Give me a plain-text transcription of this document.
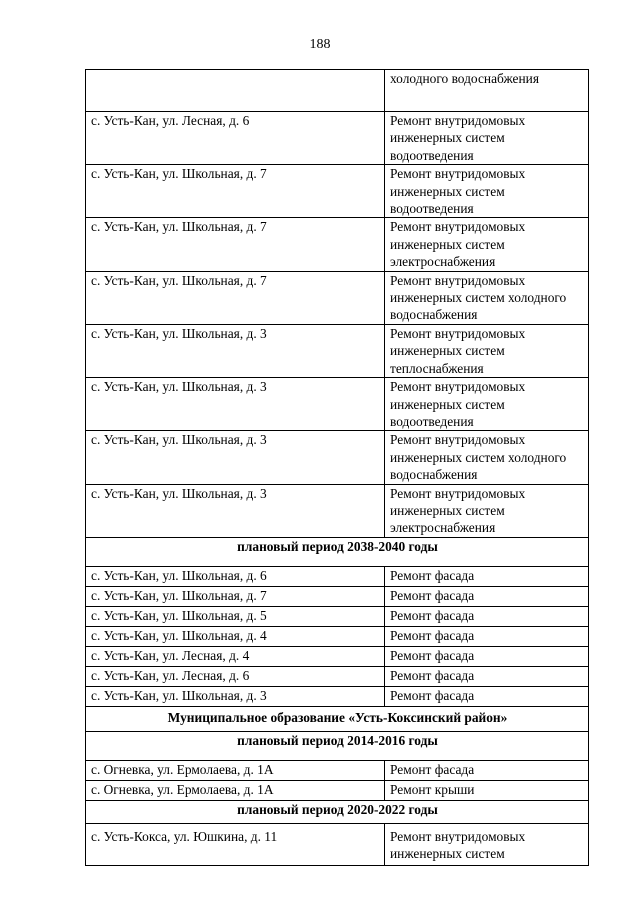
188
	холодного водоснабжения
с. Усть-Кан, ул. Лесная, д. 6	Ремонт внутридомовых инженерных систем водоотведения
с. Усть-Кан, ул. Школьная, д. 7	Ремонт внутридомовых инженерных систем водоотведения
с. Усть-Кан, ул. Школьная, д. 7	Ремонт внутридомовых инженерных систем электроснабжения
с. Усть-Кан, ул. Школьная, д. 7	Ремонт внутридомовых инженерных систем холодного водоснабжения
с. Усть-Кан, ул. Школьная, д. 3	Ремонт внутридомовых инженерных систем теплоснабжения
с. Усть-Кан, ул. Школьная, д. 3	Ремонт внутридомовых инженерных систем водоотведения
с. Усть-Кан, ул. Школьная, д. 3	Ремонт внутридомовых инженерных систем холодного водоснабжения
с. Усть-Кан, ул. Школьная, д. 3	Ремонт внутридомовых инженерных систем электроснабжения
плановый период 2038-2040 годы	
с. Усть-Кан, ул. Школьная, д. 6	Ремонт фасада
с. Усть-Кан, ул. Школьная, д. 7	Ремонт фасада
с. Усть-Кан, ул. Школьная, д. 5	Ремонт фасада
с. Усть-Кан, ул. Школьная, д. 4	Ремонт фасада
с. Усть-Кан, ул. Лесная, д. 4	Ремонт фасада
с. Усть-Кан, ул. Лесная, д. 6	Ремонт фасада
с. Усть-Кан, ул. Школьная, д. 3	Ремонт фасада
Муниципальное образование «Усть-Коксинский район»	
плановый период 2014-2016 годы	
с. Огневка, ул. Ермолаева, д. 1А	Ремонт фасада
с. Огневка, ул. Ермолаева, д. 1А	Ремонт крыши
плановый период 2020-2022 годы	
с. Усть-Кокса, ул. Юшкина, д. 11	Ремонт внутридомовых инженерных систем
